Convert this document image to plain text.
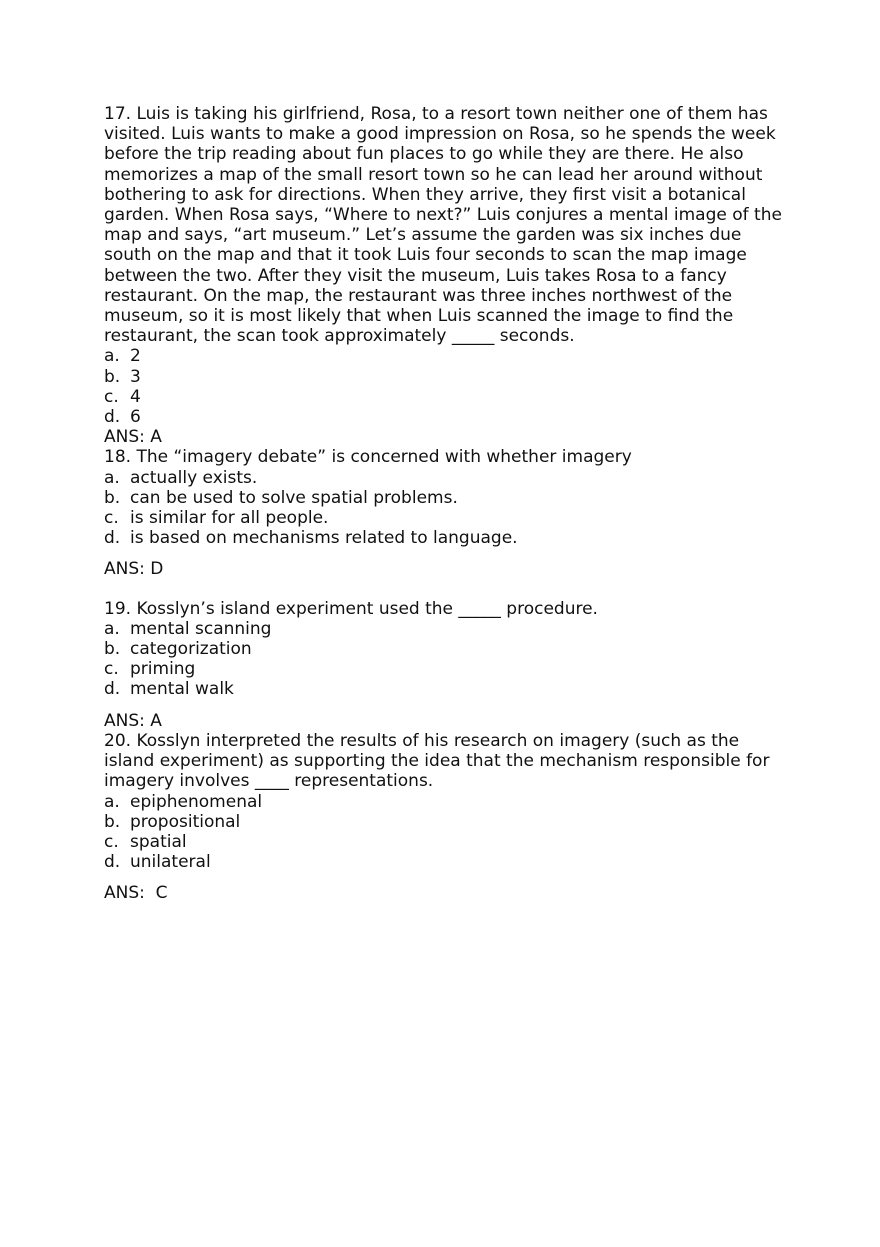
17. Luis is taking his girlfriend, Rosa, to a resort town neither one of them has visited. Luis wants to make a good impression on Rosa, so he spends the week before the trip reading about fun places to go while they are there. He also memorizes a map of the small resort town so he can lead her around without bothering to ask for directions. When they arrive, they first visit a botanical garden. When Rosa says, “Where to next?” Luis conjures a mental image of the map and says, “art museum.” Let’s assume the garden was six inches due south on the map and that it took Luis four seconds to scan the map image between the two. After they visit the museum, Luis takes Rosa to a fancy restaurant. On the map, the restaurant was three inches northwest of the museum, so it is most likely that when Luis scanned the image to find the restaurant, the scan took approximately _____ seconds.

a. 2
b. 3
c. 4
d. 6

ANS: A

18. The “imagery debate” is concerned with whether imagery

a. actually exists.
b. can be used to solve spatial problems.
c. is similar for all people.
d. is based on mechanisms related to language.

ANS: D

19. Kosslyn’s island experiment used the _____ procedure.

a. mental scanning
b. categorization
c. priming
d. mental walk

ANS: A

20. Kosslyn interpreted the results of his research on imagery (such as the island experiment) as supporting the idea that the mechanism responsible for imagery involves ____ representations.

a. epiphenomenal
b. propositional
c. spatial
d. unilateral

ANS:  C
